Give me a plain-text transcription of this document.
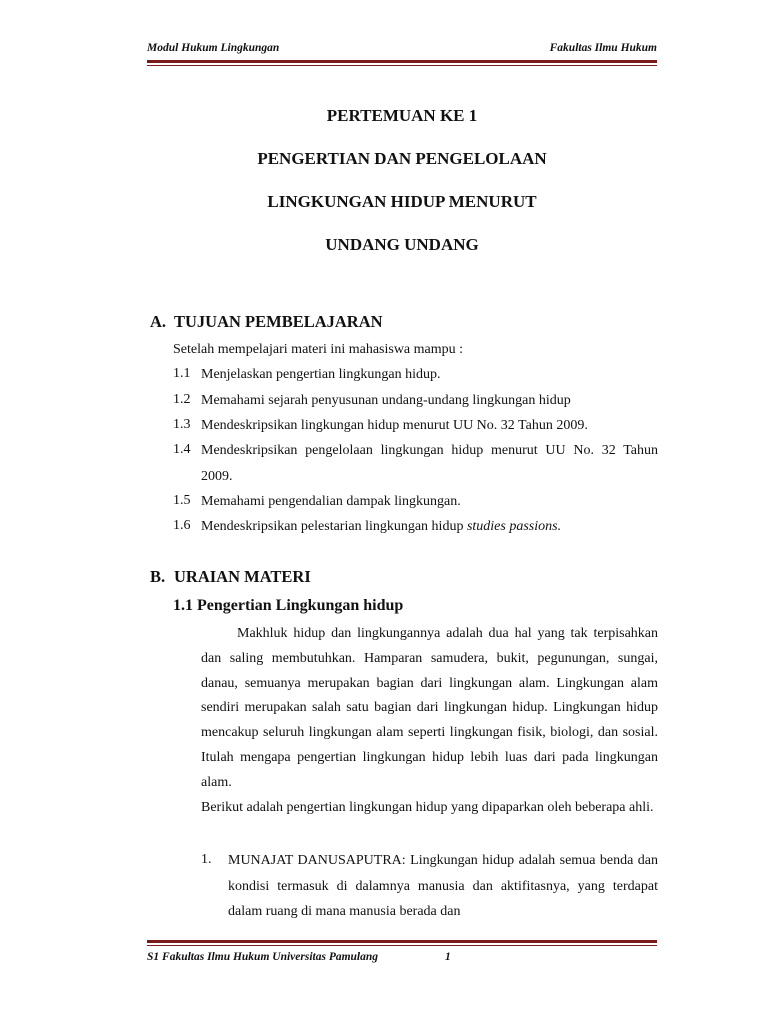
Modul Hukum Lingkungan	Fakultas Ilmu Hukum
PERTEMUAN KE 1
PENGERTIAN DAN PENGELOLAAN
LINGKUNGAN HIDUP MENURUT
UNDANG UNDANG
A. TUJUAN PEMBELAJARAN
Setelah mempelajari materi ini mahasiswa mampu :
1.1 Menjelaskan pengertian lingkungan hidup.
1.2 Memahami sejarah penyusunan undang-undang lingkungan hidup
1.3 Mendeskripsikan lingkungan hidup menurut UU No. 32 Tahun 2009.
1.4 Mendeskripsikan pengelolaan lingkungan hidup menurut UU No. 32 Tahun 2009.
1.5 Memahami pengendalian dampak lingkungan.
1.6 Mendeskripsikan pelestarian lingkungan hidup studies passions.
B. URAIAN MATERI
1.1 Pengertian Lingkungan hidup
Makhluk hidup dan lingkungannya adalah dua hal yang tak terpisahkan dan saling membutuhkan. Hamparan samudera, bukit, pegunungan, sungai, danau, semuanya merupakan bagian dari lingkungan alam. Lingkungan alam sendiri merupakan salah satu bagian dari lingkungan hidup. Lingkungan hidup mencakup seluruh lingkungan alam seperti lingkungan fisik, biologi, dan sosial. Itulah mengapa pengertian lingkungan hidup lebih luas dari pada lingkungan alam.
Berikut adalah pengertian lingkungan hidup yang dipaparkan oleh beberapa ahli.
1. MUNAJAT DANUSAPUTRA: Lingkungan hidup adalah semua benda dan kondisi termasuk di dalamnya manusia dan aktifitasnya, yang terdapat dalam ruang di mana manusia berada dan
S1 Fakultas Ilmu Hukum Universitas Pamulang	1
